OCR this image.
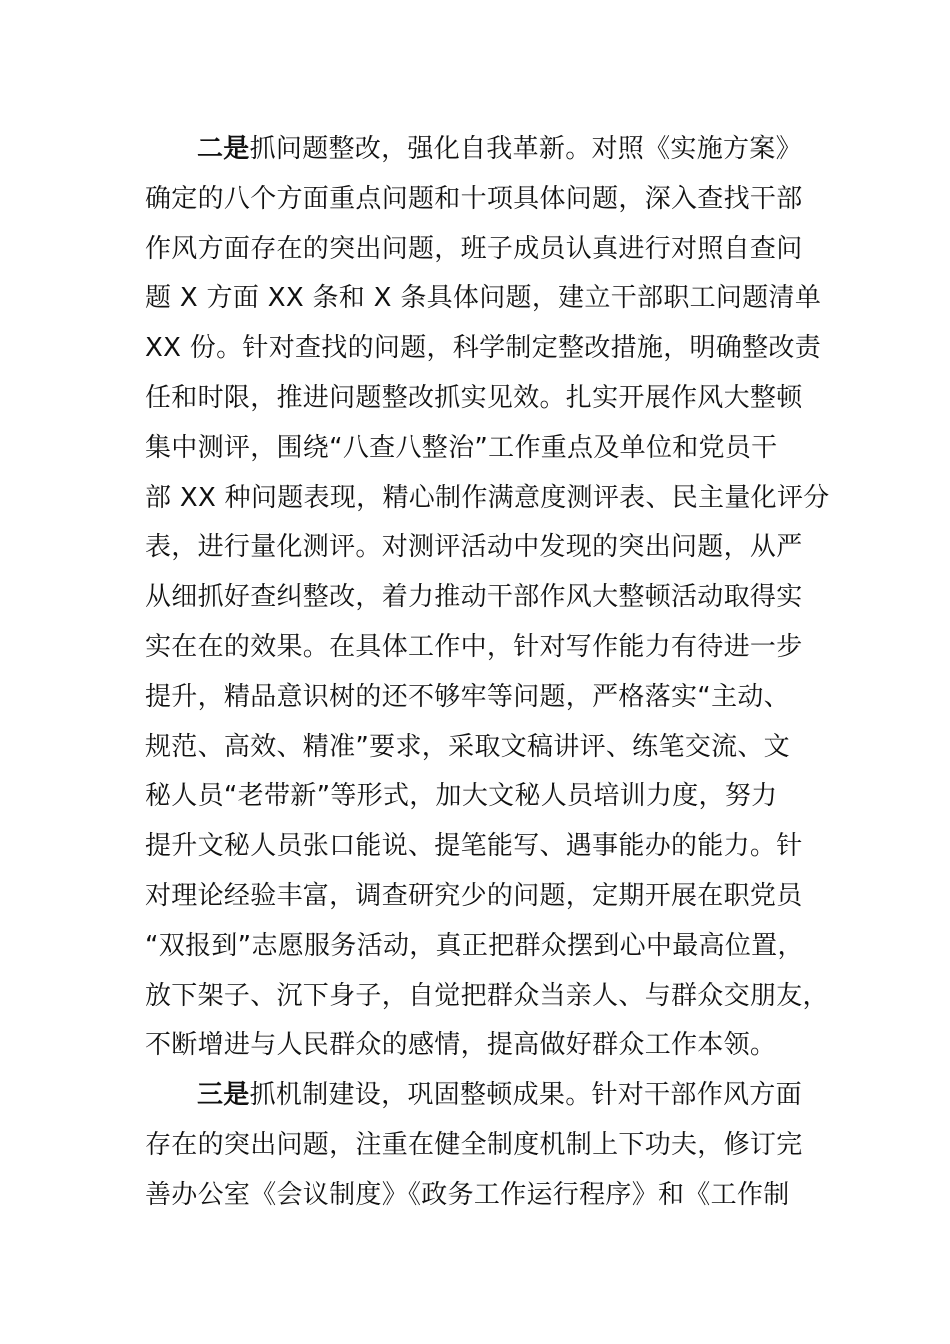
二是抓问题整改，强化自我革新。对照《实施方案》
确定的八个方面重点问题和十项具体问题，深入查找干部
作风方面存在的突出问题，班子成员认真进行对照自查问
题 X 方面 XX 条和 X 条具体问题，建立干部职工问题清单
XX 份。针对查找的问题，科学制定整改措施，明确整改责
任和时限，推进问题整改抓实见效。扎实开展作风大整顿
集中测评，围绕“八查八整治”工作重点及单位和党员干
部 XX 种问题表现，精心制作满意度测评表、民主量化评分
表，进行量化测评。对测评活动中发现的突出问题，从严
从细抓好查纠整改，着力推动干部作风大整顿活动取得实
实在在的效果。在具体工作中，针对写作能力有待进一步
提升，精品意识树的还不够牢等问题，严格落实“主动、
规范、高效、精准”要求，采取文稿讲评、练笔交流、文
秘人员“老带新”等形式，加大文秘人员培训力度，努力
提升文秘人员张口能说、提笔能写、遇事能办的能力。针
对理论经验丰富，调查研究少的问题，定期开展在职党员
“双报到”志愿服务活动，真正把群众摆到心中最高位置，
放下架子、沉下身子，自觉把群众当亲人、与群众交朋友，
不断增进与人民群众的感情，提高做好群众工作本领。
三是抓机制建设，巩固整顿成果。针对干部作风方面
存在的突出问题，注重在健全制度机制上下功夫，修订完
善办公室《会议制度》《政务工作运行程序》和《工作制
